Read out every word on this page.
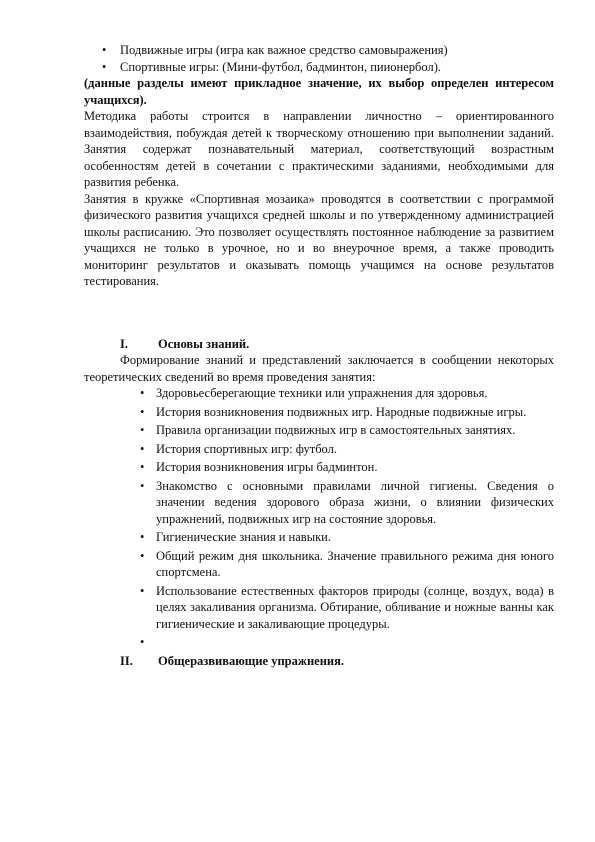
• Подвижные игры (игра как важное средство самовыражения)
• Спортивные игры: (Мини-футбол, бадминтон, пиионербол).
(данные разделы имеют прикладное значение, их выбор определен интересом учащихся).
Методика работы строится в направлении личностно – ориентированного взаимодействия, побуждая детей к творческому отношению при выполнении заданий. Занятия содержат познавательный материал, соответствующий возрастным особенностям детей в сочетании с практическими заданиями, необходимыми для развития ребенка.
Занятия в кружке «Спортивная мозаика» проводятся в соответствии с программой физического развития учащихся средней школы и по утвержденному администрацией школы расписанию. Это позволяет осуществлять постоянное наблюдение за развитием учащихся не только в урочное, но и во внеурочное время, а также проводить мониторинг результатов и оказывать помощь учащимся на основе результатов тестирования.
I.	Основы знаний.
Формирование знаний и представлений заключается в сообщении некоторых теоретических сведений во время проведения занятия:
• Здоровьесберегающие техники или упражнения для здоровья.
• История возникновения подвижных игр. Народные подвижные игры.
• Правила организации подвижных игр в самостоятельных занятиях.
• История спортивных игр: футбол.
• История возникновения игры бадминтон.
• Знакомство с основными правилами личной гигиены. Сведения о значении ведения здорового образа жизни, о влиянии физических упражнений, подвижных игр на состояние здоровья.
• Гигиенические знания и навыки.
• Общий режим дня школьника. Значение правильного режима дня юного спортсмена.
• Использование естественных факторов природы (солнце, воздух, вода) в целях закаливания организма. Обтирание, обливание и ножные ванны как гигиенические и закаливающие процедуры.
•
II.	Общеразвивающие упражнения.
